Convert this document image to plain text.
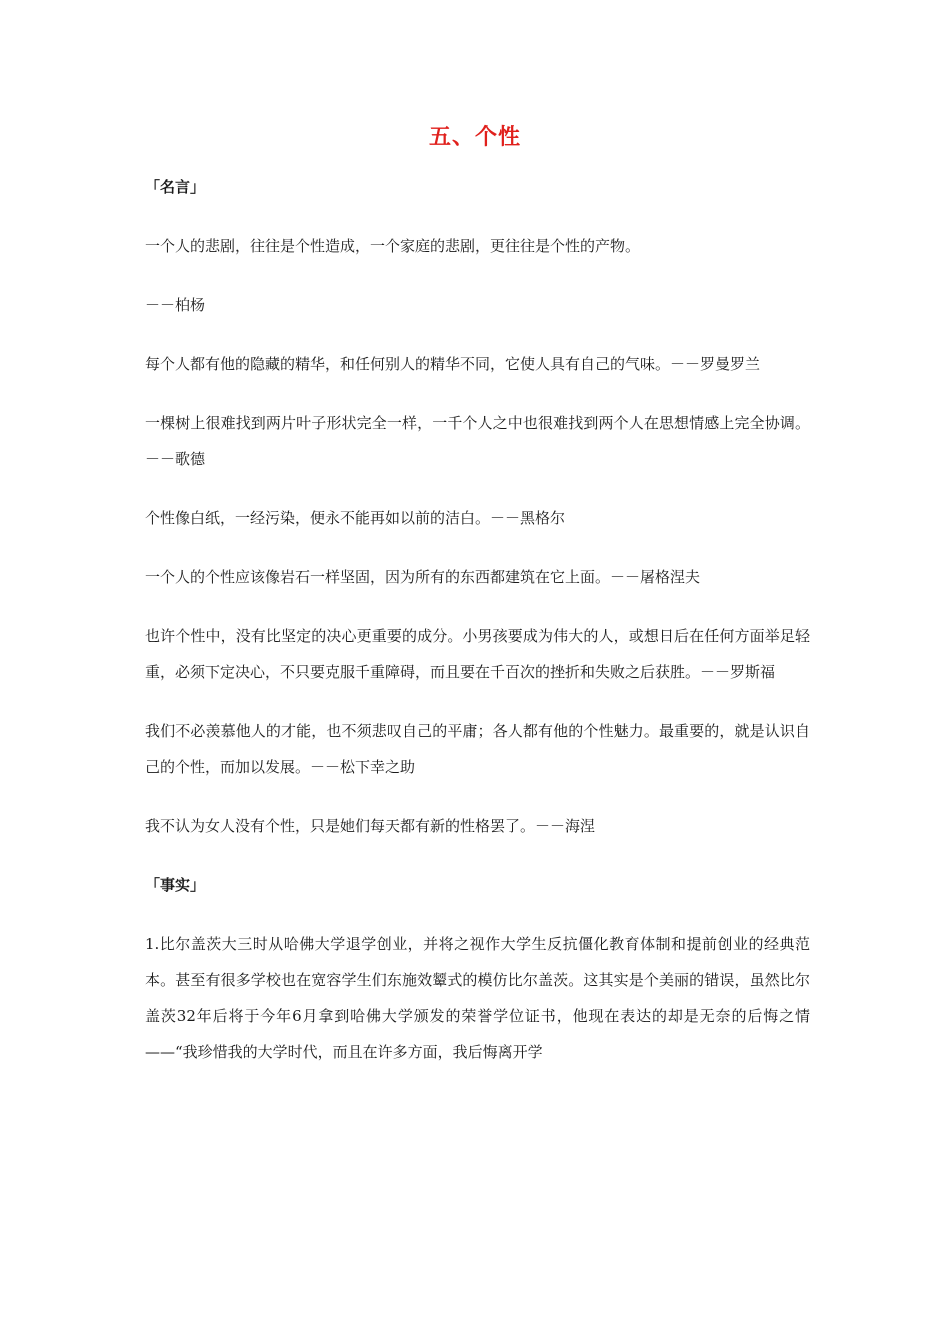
五、个性

「名言」

一个人的悲剧，往往是个性造成，一个家庭的悲剧，更往往是个性的产物。

－－柏杨

每个人都有他的隐藏的精华，和任何别人的精华不同，它使人具有自己的气味。－－罗曼罗兰

一棵树上很难找到两片叶子形状完全一样，一千个人之中也很难找到两个人在思想情感上完全协调。－－歌德

个性像白纸，一经污染，便永不能再如以前的洁白。－－黑格尔

一个人的个性应该像岩石一样坚固，因为所有的东西都建筑在它上面。－－屠格涅夫

也许个性中，没有比坚定的决心更重要的成分。小男孩要成为伟大的人，或想日后在任何方面举足轻重，必须下定决心，不只要克服千重障碍，而且要在千百次的挫折和失败之后获胜。－－罗斯福

我们不必羡慕他人的才能，也不须悲叹自己的平庸；各人都有他的个性魅力。最重要的，就是认识自己的个性，而加以发展。－－松下幸之助

我不认为女人没有个性，只是她们每天都有新的性格罢了。－－海涅

「事实」

1.比尔盖茨大三时从哈佛大学退学创业，并将之视作大学生反抗僵化教育体制和提前创业的经典范本。甚至有很多学校也在宽容学生们东施效颦式的模仿比尔盖茨。这其实是个美丽的错误，虽然比尔盖茨32年后将于今年6月拿到哈佛大学颁发的荣誉学位证书，他现在表达的却是无奈的后悔之情——“我珍惜我的大学时代，而且在许多方面，我后悔离开学
